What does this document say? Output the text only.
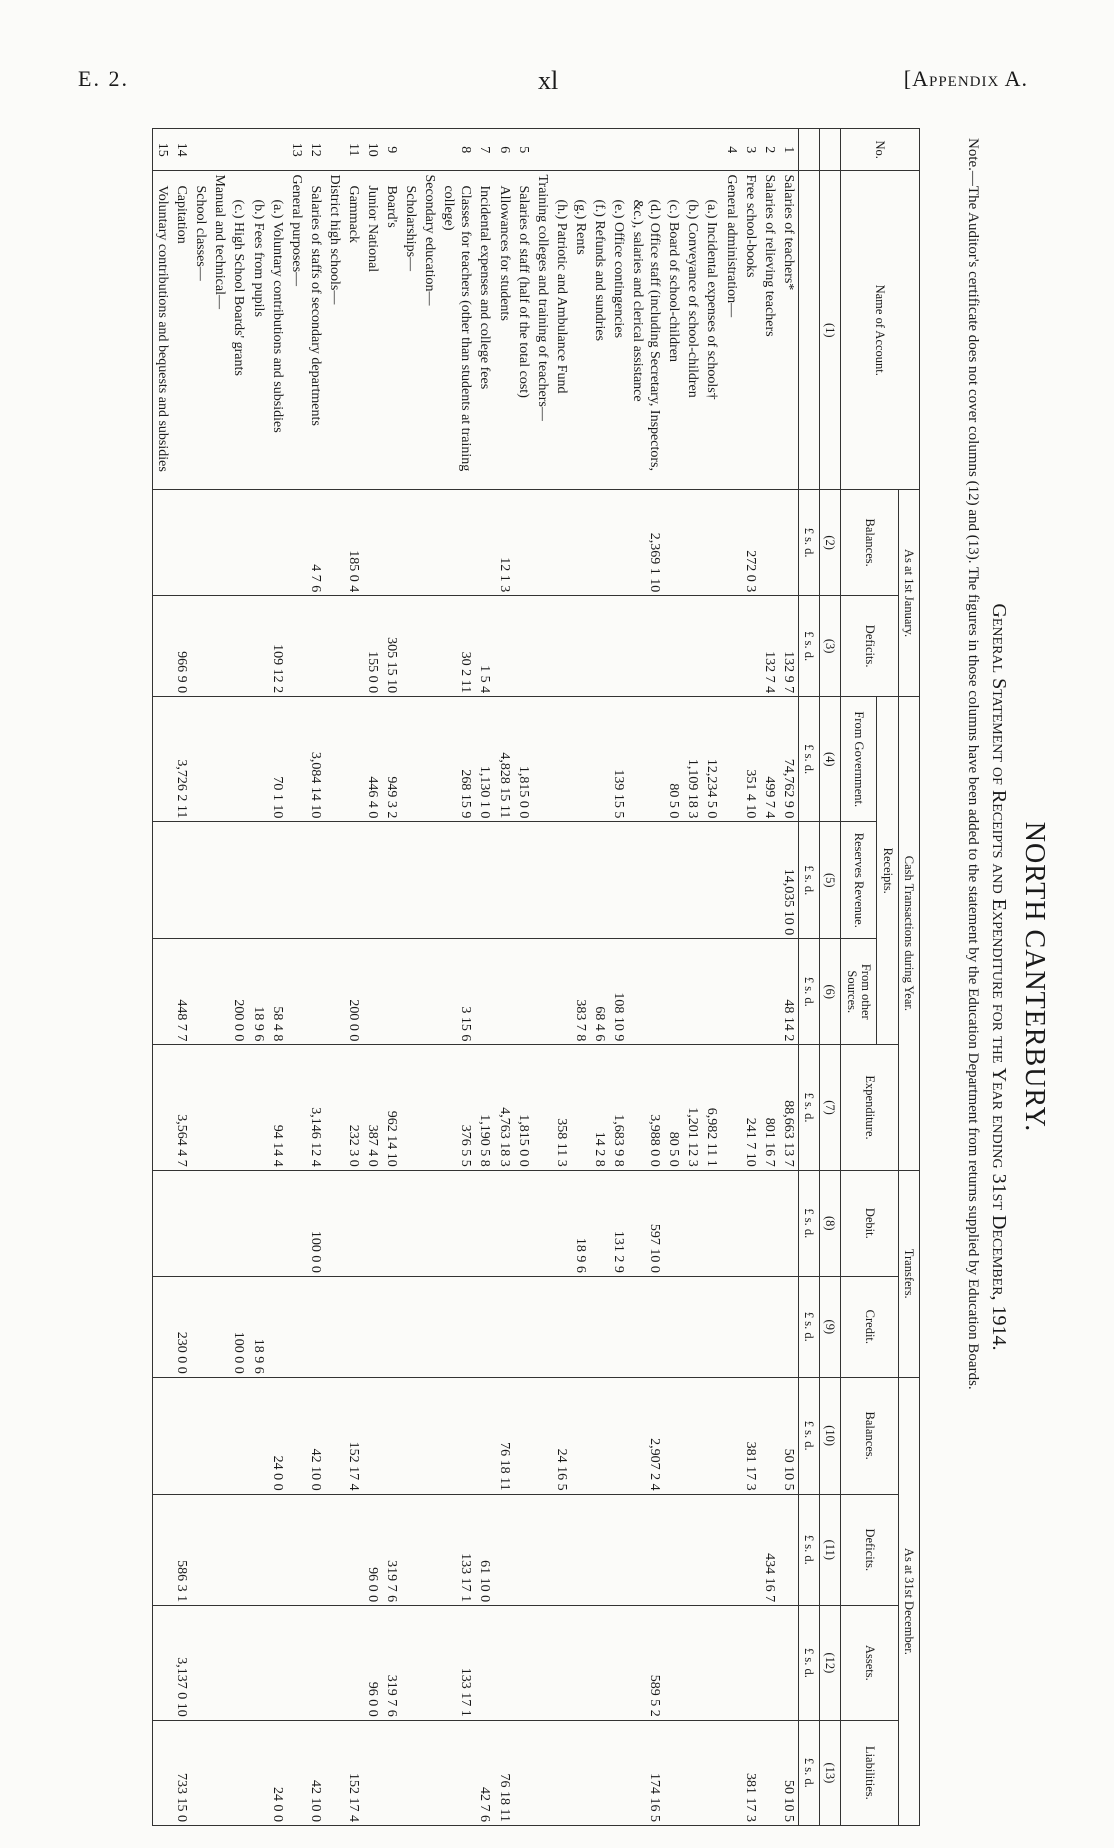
E. 2.	xl	[Appendix A.
NORTH CANTERBURY.
General Statement of Receipts and Expenditure for the Year ending 31st December, 1914.
Note.—The Auditor's certificate does not cover columns (12) and (13). The figures in those columns have been added to the statement by the Education Department from returns supplied by Education Boards.
No.	Name of Account.	As at 1st January.		Cash Transactions during Year.				Transfers.		As at 31st December.			
		Balances.	Deficits.	Receipts.			Expenditure.	Debit.	Credit.	Balances.	Deficits.	Assets.	Liabilities.
				From Government.	Reserves Revenue.	From other Sources.							
	(1)	(2)	(3)	(4)	(5)	(6)	(7)	(8)	(9)	(10)	(11)	(12)	(13)
		£ s. d.	£ s. d.	£ s. d.	£ s. d.	£ s. d.	£ s. d.	£ s. d.	£ s. d.	£ s. d.	£ s. d.	£ s. d.	£ s. d.
1	Salaries of teachers*		132 9 7	74,762 9 0	14,035 10 0	48 14 2	88,663 13 7			50 10 5			50 10 5
2	Salaries of relieving teachers		132 7 4	499 7 4			801 16 7				434 16 7		
3	Free school-books	272 0 3		351 4 10			241 7 10			381 17 3			381 17 3
4	General administration—												
	(a.) Incidental expenses of schools†			12,234 5 0			6,982 11 1						
	(b.) Conveyance of school-children			1,109 18 3			1,201 12 3						
	(c.) Board of school-children			80 5 0			80 5 0						
	(d.) Office staff (including Secretary, Inspectors, &c.), salaries and clerical assistance	2,369 1 10					3,988 0 0	597 10 0		2,907 2 4		589 5 2	174 16 5
	(e.) Office contingencies			139 15 5		108 10 9	1,683 9 8	131 2 9					
	(f.) Refunds and sundries					68 4 6	14 2 8						
	(g.) Rents					383 7 8		18 9 6					
	(h.) Patriotic and Ambulance Fund						358 11 3			24 16 5			
	Training colleges and training of teachers—												
5	Salaries of staff (half of the total cost)			1,815 0 0			1,815 0 0						
6	Allowances for students	12 1 3		4,828 15 11			4,763 18 3			76 18 11			76 18 11
7	Incidental expenses and college fees		1 5 4	1,130 1 0			1,190 5 8				61 10 0		42 7 6
8	Classes for teachers (other than students at training college)		30 2 11	268 15 9		3 15 6	376 5 5				133 17 1	133 17 1	
	Secondary education—												
	Scholarships—												
9	Board's		305 15 10	949 3 2			962 14 10				319 7 6	319 7 6	
10	Junior National		155 0 0	446 4 0			387 4 0				96 0 0	96 0 0	
11	Gammack	185 0 4				200 0 0	232 3 0			152 17 4			152 17 4
	District high schools—												
12	Salaries of staffs of secondary departments	4 7 6		3,084 14 10			3,146 12 4	100 0 0		42 10 0			42 10 0
13	General purposes—												
	(a.) Voluntary contributions and subsidies		109 12 2	70 1 10		58 4 8	94 14 4			24 0 0			24 0 0
	(b.) Fees from pupils					18 9 6			18 9 6				
	(c.) High School Boards' grants					200 0 0			100 0 0				
	Manual and technical—												
	School classes—												
14	Capitation		966 9 0	3,726 2 11		448 7 7	3,564 4 7		230 0 0		586 3 1	3,137 0 10	733 15 0
15	Voluntary contributions and bequests and subsidies												
